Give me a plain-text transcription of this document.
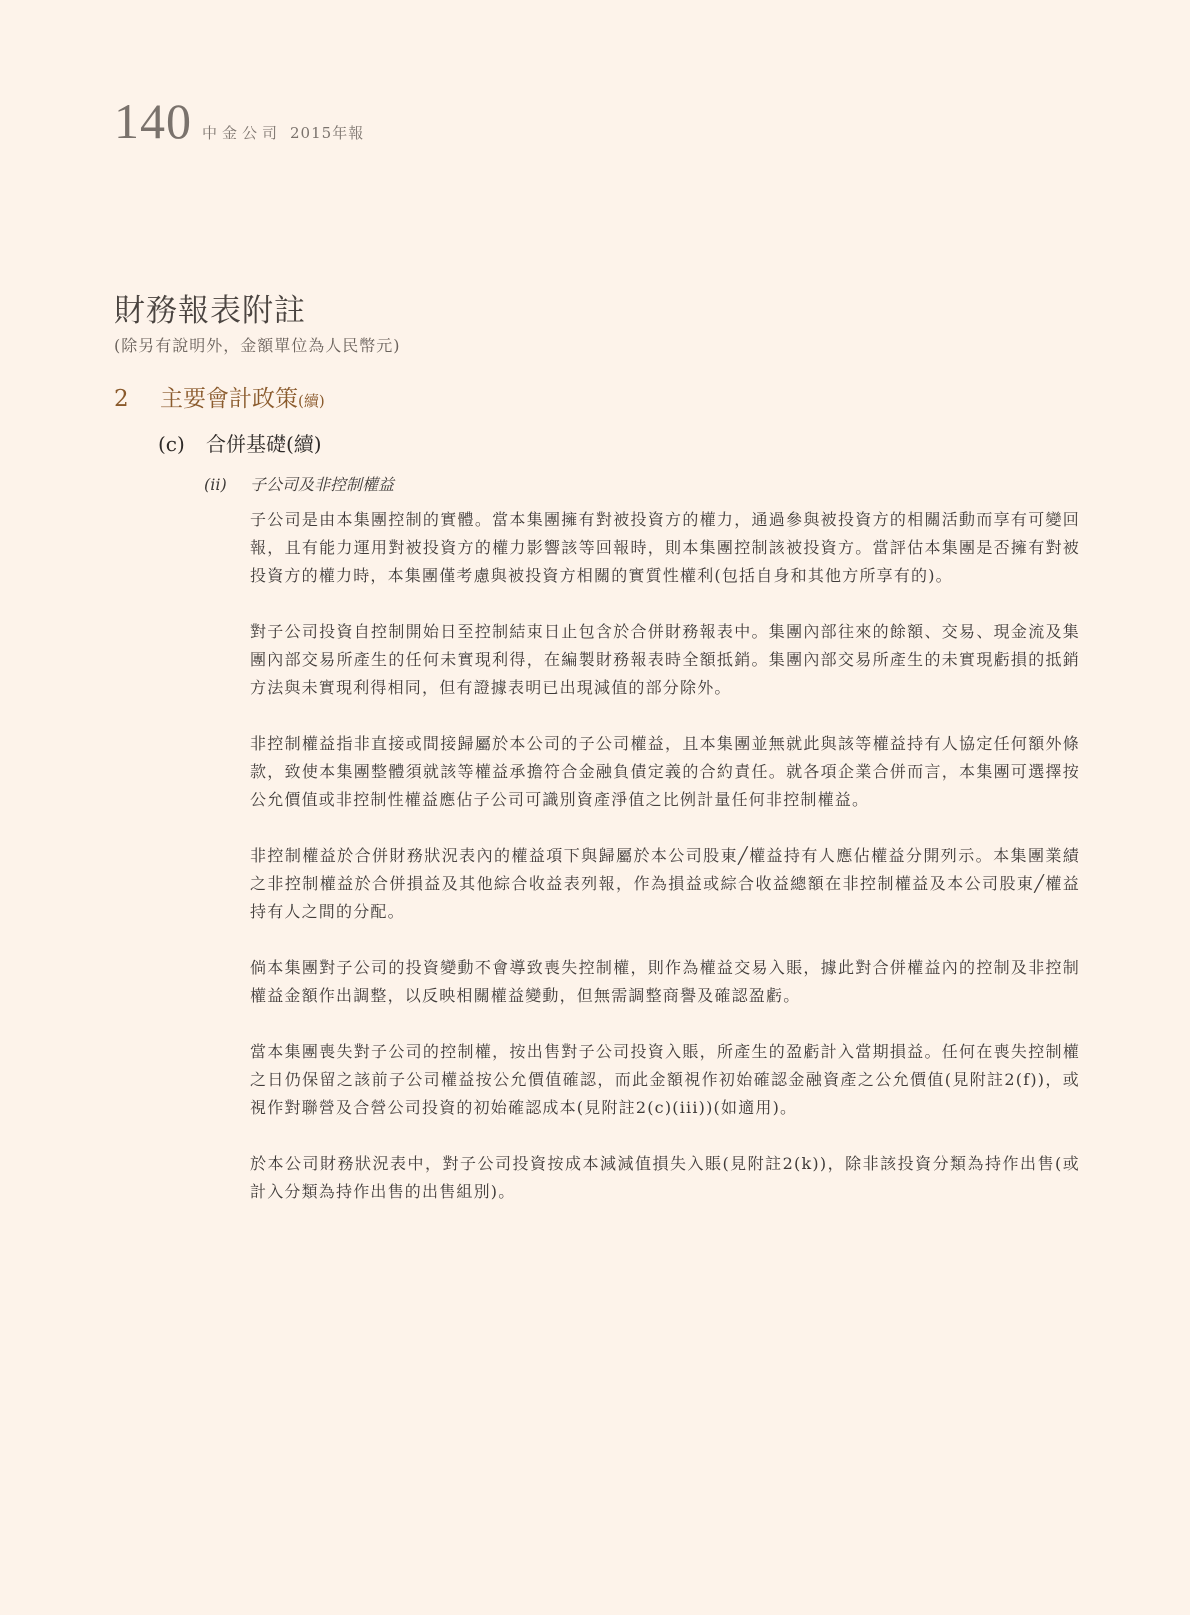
140 中金公司 2015年報
財務報表附註
(除另有說明外，金額單位為人民幣元)
2	主要會計政策 (續)
(c)	合併基礎(續)
(ii)	子公司及非控制權益

子公司是由本集團控制的實體。當本集團擁有對被投資方的權力，通過參與被投資方的相關活動而享有可變回報，且有能力運用對被投資方的權力影響該等回報時，則本集團控制該被投資方。當評估本集團是否擁有對被投資方的權力時，本集團僅考慮與被投資方相關的實質性權利(包括自身和其他方所享有的)。

對子公司投資自控制開始日至控制結束日止包含於合併財務報表中。集團內部往來的餘額、交易、現金流及集團內部交易所產生的任何未實現利得，在編製財務報表時全額抵銷。集團內部交易所產生的未實現虧損的抵銷方法與未實現利得相同，但有證據表明已出現減值的部分除外。

非控制權益指非直接或間接歸屬於本公司的子公司權益，且本集團並無就此與該等權益持有人協定任何額外條款，致使本集團整體須就該等權益承擔符合金融負債定義的合約責任。就各項企業合併而言，本集團可選擇按公允價值或非控制性權益應佔子公司可識別資產淨值之比例計量任何非控制權益。

非控制權益於合併財務狀況表內的權益項下與歸屬於本公司股東╱權益持有人應佔權益分開列示。本集團業績之非控制權益於合併損益及其他綜合收益表列報，作為損益或綜合收益總額在非控制權益及本公司股東╱權益持有人之間的分配。

倘本集團對子公司的投資變動不會導致喪失控制權，則作為權益交易入賬，據此對合併權益內的控制及非控制權益金額作出調整，以反映相關權益變動，但無需調整商譽及確認盈虧。

當本集團喪失對子公司的控制權，按出售對子公司投資入賬，所產生的盈虧計入當期損益。任何在喪失控制權之日仍保留之該前子公司權益按公允價值確認，而此金額視作初始確認金融資產之公允價值(見附註2(f))，或視作對聯營及合營公司投資的初始確認成本(見附註2(c)(iii))(如適用)。

於本公司財務狀況表中，對子公司投資按成本減減值損失入賬(見附註2(k))，除非該投資分類為持作出售(或計入分類為持作出售的出售組別)。
